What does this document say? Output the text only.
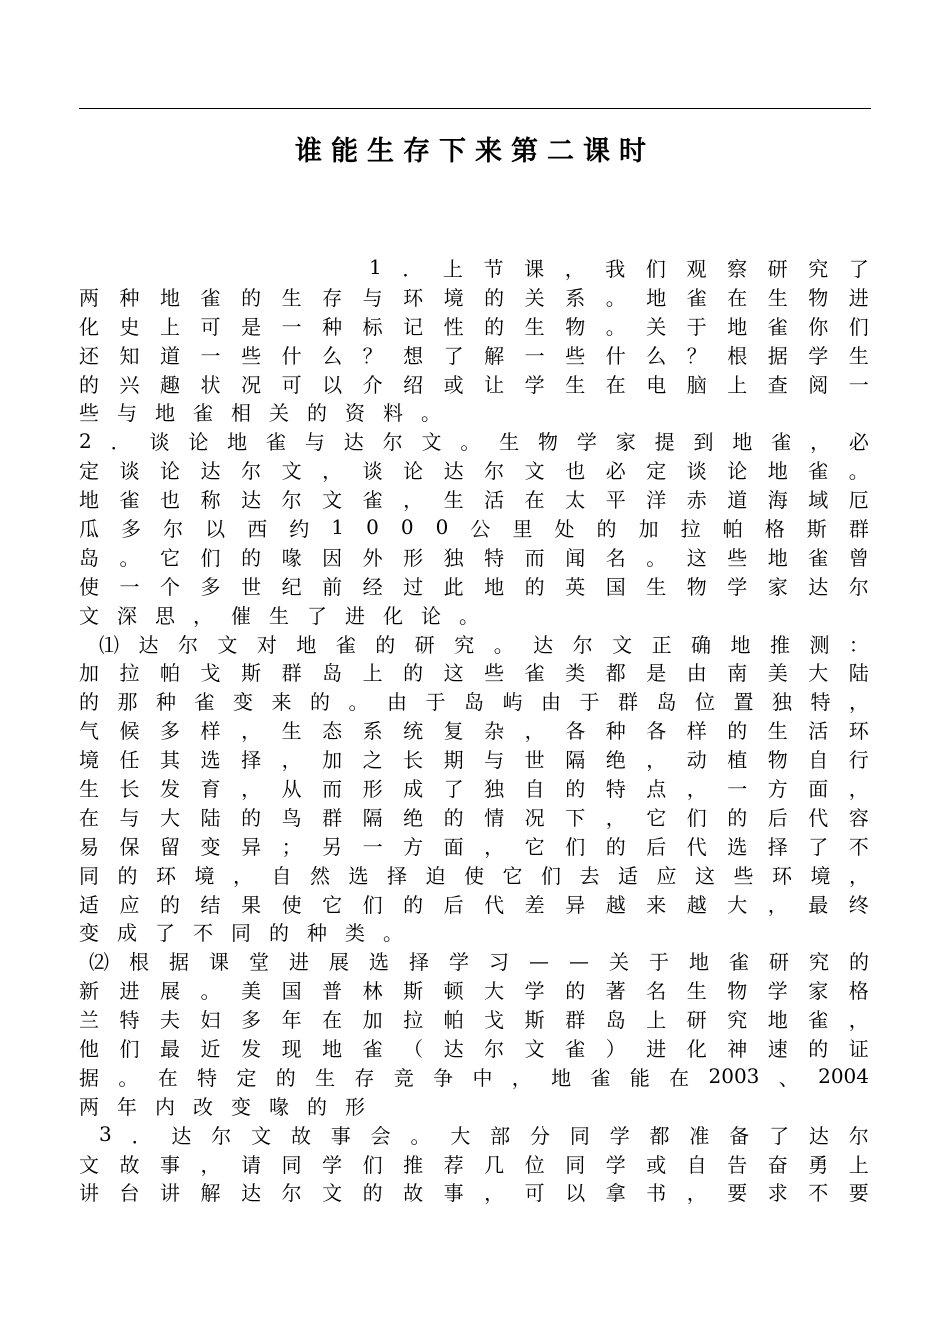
谁能生存下来第二课时
1 ． 上 节 课 ， 我 们 观 察 研 究 了
两 种 地 雀 的 生 存 与 环 境 的 关 系 。 地 雀 在 生 物 进
化 史 上 可 是 一 种 标 记 性 的 生 物 。 关 于 地 雀 你 们
还 知 道 一 些 什 么 ？ 想 了 解 一 些 什 么 ？ 根 据 学 生
的 兴 趣 状 况 可 以 介 绍 或 让 学 生 在 电 脑 上 查 阅 一
些 与 地 雀 相 关 的 资 料 。
2 ． 谈 论 地 雀 与 达 尔 文 。 生 物 学 家 提 到 地 雀 ， 必
定 谈 论 达 尔 文 ， 谈 论 达 尔 文 也 必 定 谈 论 地 雀 。
地 雀 也 称 达 尔 文 雀 ， 生 活 在 太 平 洋 赤 道 海 域 厄
瓜 多 尔 以 西 约 1 0 0 0 公 里 处 的 加 拉 帕 格 斯 群
岛 。 它 们 的 喙 因 外 形 独 特 而 闻 名 。 这 些 地 雀 曾
使 一 个 多 世 纪 前 经 过 此 地 的 英 国 生 物 学 家 达 尔
文 深 思 ， 催 生 了 进 化 论 。
⑴ 达 尔 文 对 地 雀 的 研 究 。 达 尔 文 正 确 地 推 测 ：
加 拉 帕 戈 斯 群 岛 上 的 这 些 雀 类 都 是 由 南 美 大 陆
的 那 种 雀 变 来 的 。 由 于 岛 屿 由 于 群 岛 位 置 独 特 ，
气 候 多 样 ， 生 态 系 统 复 杂 ， 各 种 各 样 的 生 活 环
境 任 其 选 择 ， 加 之 长 期 与 世 隔 绝 ， 动 植 物 自 行
生 长 发 育 ， 从 而 形 成 了 独 自 的 特 点 ， 一 方 面 ，
在 与 大 陆 的 鸟 群 隔 绝 的 情 况 下 ， 它 们 的 后 代 容
易 保 留 变 异 ； 另 一 方 面 ， 它 们 的 后 代 选 择 了 不
同 的 环 境 ， 自 然 选 择 迫 使 它 们 去 适 应 这 些 环 境 ，
适 应 的 结 果 使 它 们 的 后 代 差 异 越 来 越 大 ， 最 终
变 成 了 不 同 的 种 类 。
⑵ 根 据 课 堂 进 展 选 择 学 习 — — 关 于 地 雀 研 究 的
新 进 展 。 美 国 普 林 斯 顿 大 学 的 著 名 生 物 学 家 格
兰 特 夫 妇 多 年 在 加 拉 帕 戈 斯 群 岛 上 研 究 地 雀 ，
他 们 最 近 发 现 地 雀 （ 达 尔 文 雀 ） 进 化 神 速 的 证
据 。 在 特 定 的 生 存 竞 争 中 ， 地 雀 能 在 2003 、 2004
两 年 内 改 变 喙 的 形
3 ． 达 尔 文 故 事 会 。 大 部 分 同 学 都 准 备 了 达 尔
文 故 事 ， 请 同 学 们 推 荐 几 位 同 学 或 自 告 奋 勇 上
讲 台 讲 解 达 尔 文 的 故 事 ， 可 以 拿 书 ， 要 求 不 要
